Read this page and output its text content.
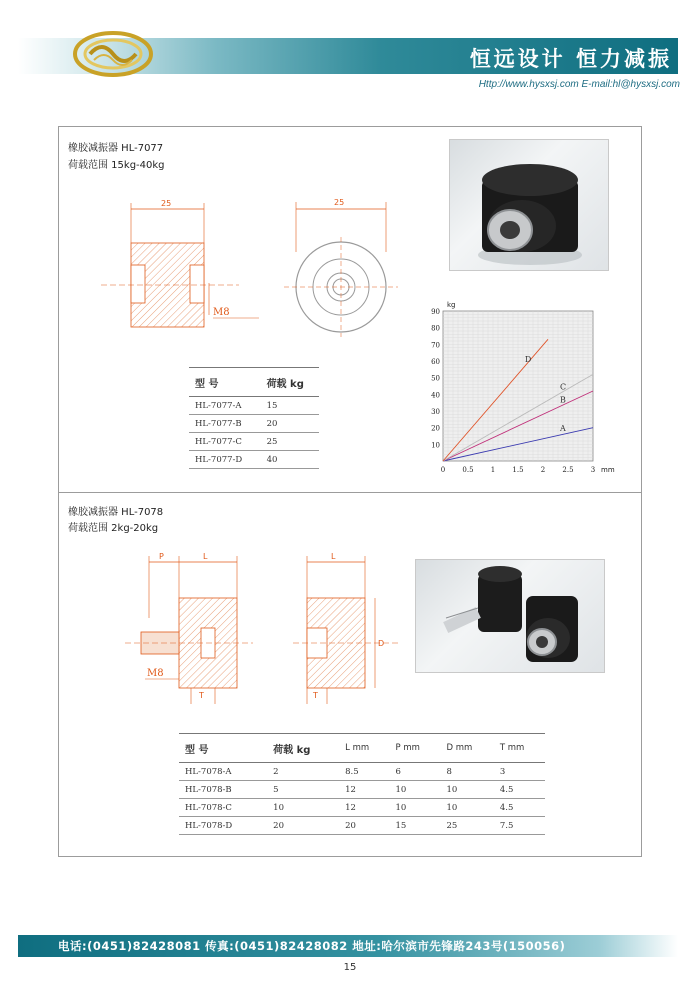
恒远设计 恒力减振
Http://www.hysxsj.com E-mail:hl@hysxsj.com
橡胶减振器 HL-7077
荷载范围 15kg-40kg
25
M8
25
10
20
30
40
50
60
70
80
90
0 0.5 1 1.5 2 2.5 3
kg
mm
A
B
C
D
型 号	荷载 kg
HL-7077-A	15
HL-7077-B	20
HL-7077-C	25
HL-7077-D	40
橡胶减振器 HL-7078
荷载范围 2kg-20kg
P	L
M8
T
L
D
T
型 号	荷载 kg	L mm	P mm	D mm	T mm
HL-7078-A	2	8.5	6	8	3
HL-7078-B	5	12	10	10	4.5
HL-7078-C	10	12	10	10	4.5
HL-7078-D	20	20	15	25	7.5
电话:(0451)82428081 传真:(0451)82428082 地址:哈尔滨市先锋路243号(150056)
15
